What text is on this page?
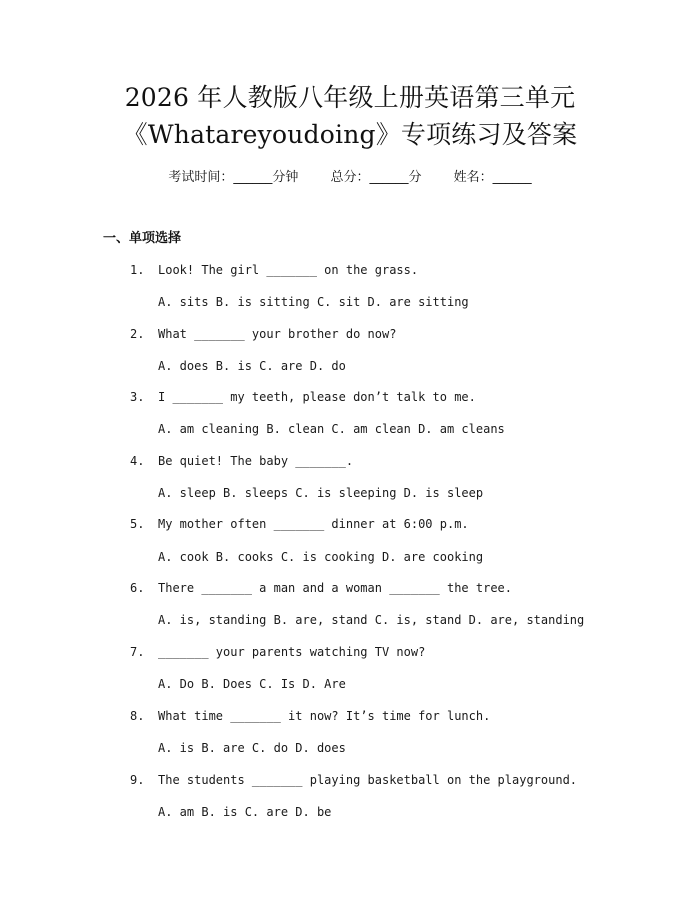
2026 年人教版八年级上册英语第三单元
《Whatareyoudoing》专项练习及答案
考试时间：______分钟 总分：______分 姓名：______
一、单项选择
1. Look! The girl _______ on the grass.
A. sits B. is sitting C. sit D. are sitting
2. What _______ your brother do now?
A. does B. is C. are D. do
3. I _______ my teeth, please don’t talk to me.
A. am cleaning B. clean C. am clean D. am cleans
4. Be quiet! The baby _______.
A. sleep B. sleeps C. is sleeping D. is sleep
5. My mother often _______ dinner at 6:00 p.m.
A. cook B. cooks C. is cooking D. are cooking
6. There _______ a man and a woman _______ the tree.
A. is, standing B. are, stand C. is, stand D. are, standing
7. _______ your parents watching TV now?
A. Do B. Does C. Is D. Are
8. What time _______ it now? It’s time for lunch.
A. is B. are C. do D. does
9. The students _______ playing basketball on the playground.
A. am B. is C. are D. be
